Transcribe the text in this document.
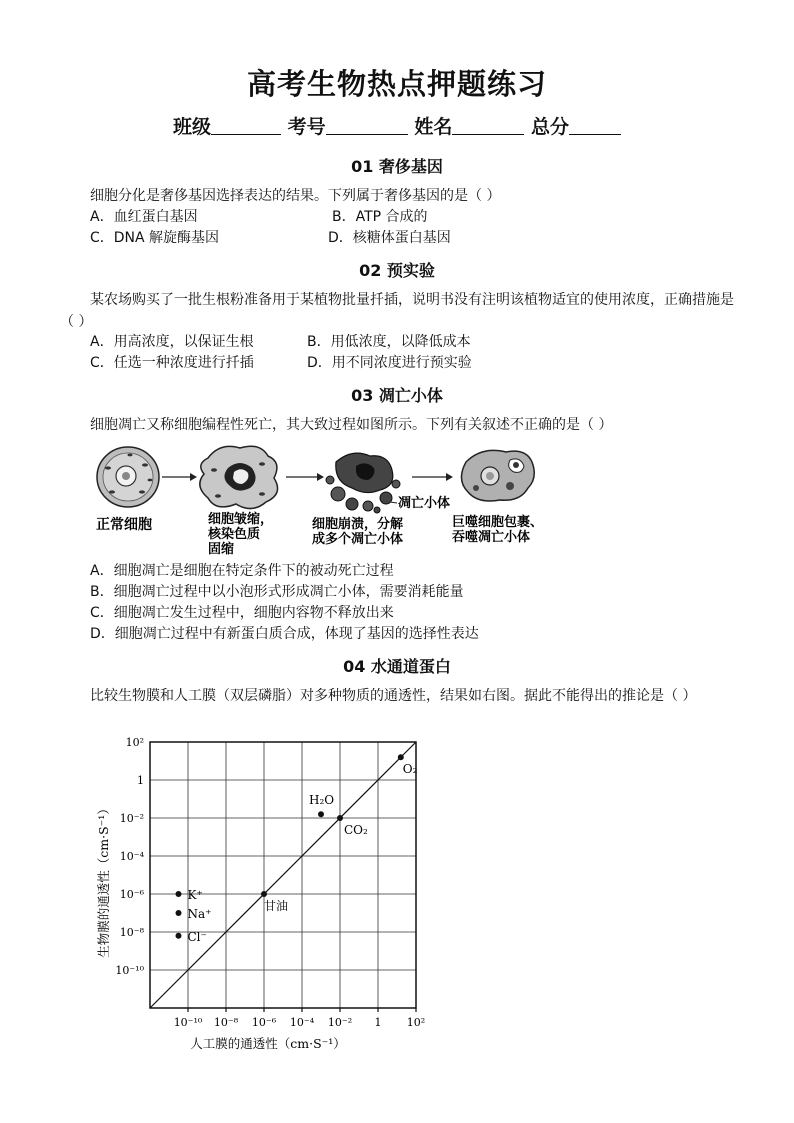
高考生物热点押题练习
班级	考号	姓名	总分
01 奢侈基因
细胞分化是奢侈基因选择表达的结果。下列属于奢侈基因的是（ ）
A．血红蛋白基因	B．ATP 合成的
C．DNA 解旋酶基因	D．核糖体蛋白基因
02 预实验
某农场购买了一批生根粉准备用于某植物批量扦插，说明书没有注明该植物适宜的使用浓度，正确措施是（ ）
A．用高浓度，以保证生根	B．用低浓度，以降低成本
C．任选一种浓度进行扦插	D．用不同浓度进行预实验
03 凋亡小体
细胞凋亡又称细胞编程性死亡，其大致过程如图所示。下列有关叙述不正确的是（ ）
正常细胞	细胞皱缩，
核染色质
固缩
凋亡小体
细胞崩溃，分解
成多个凋亡小体
巨噬细胞包裹、
吞噬凋亡小体
A．细胞凋亡是细胞在特定条件下的被动死亡过程
B．细胞凋亡过程中以小泡形式形成凋亡小体，需要消耗能量
C．细胞凋亡发生过程中，细胞内容物不释放出来
D．细胞凋亡过程中有新蛋白质合成，体现了基因的选择性表达
04 水通道蛋白
比较生物膜和人工膜（双层磷脂）对多种物质的通透性，结果如右图。据此不能得出的推论是（ ）
10⁻¹⁰ 10⁻⁸ 10⁻⁶ 10⁻⁴ 10⁻² 1 10²
10²
1
10⁻²
10⁻⁴
10⁻⁶
10⁻⁸
10⁻¹⁰
O₂
H₂O
CO₂
K⁺
Na⁺
Cl⁻
甘油
人工膜的通透性（cm·S⁻¹）
生物膜的通透性（cm·S⁻¹）
